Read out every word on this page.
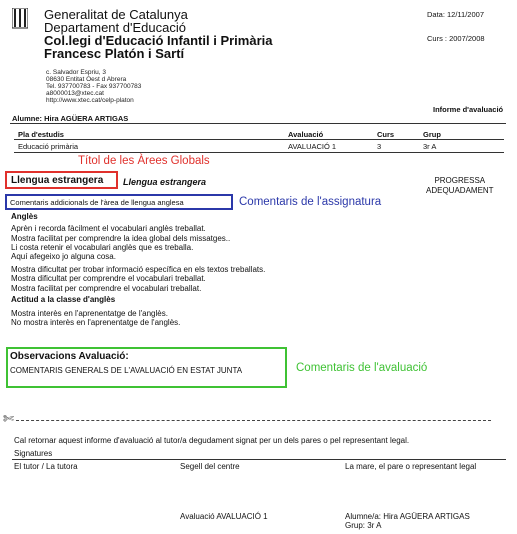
Generalitat de Catalunya
Departament d'Educació
Col.legi d'Educació Infantil i Primària
Francesc Platón i Sartí
c. Salvador Espriu, 3
08630 Entitat Oest d Abrera
Tel. 937700783 - Fax 937700783
a8000013@xtec.cat
http://www.xtec.cat/celp-platon
Data: 12/11/2007
Curs : 2007/2008
Informe d'avaluació
Alumne: Hira AGÜERA ARTIGAS
Pla d'estudis	Avaluació	Curs	Grup
Educació primària	AVALUACIÓ 1	3	3r A
Títol de les Àrees Globals
Llengua estrangera Llengua estrangera	PROGRESSA
ADEQUADAMENT
Comentaris addicionals de l'àrea de llengua anglesa	Comentaris de l'assignatura
Anglès
Aprèn i recorda fàcilment el vocabulari anglès treballat.
Mostra facilitat per comprendre la idea global dels missatges..
Li costa retenir el vocabulari anglès que es treballa.
Aquí afegeixo jo alguna cosa.
Mostra dificultat per trobar informació específica en els textos treballats.
Mostra dificultat per comprendre el vocabulari treballat.
Mostra facilitat per comprendre el vocabulari treballat.
Actitud a la classe d'anglès
Mostra interès en l'aprenentatge de l'anglès.
No mostra interès en l'aprenentatge de l'anglès.
Observacions Avaluació:
COMENTARIS GENERALS DE L'AVALUACIÓ EN ESTAT JUNTA	Comentaris de l'avaluació
✄
Cal retornar aquest informe d'avaluació al tutor/a degudament signat per un dels pares o pel representant legal.
Signatures
El tutor / La tutora	Segell del centre	La mare, el pare o representant legal
Avaluació AVALUACIÓ 1	Alumne/a: Hira AGÜERA ARTIGAS
Grup: 3r A
